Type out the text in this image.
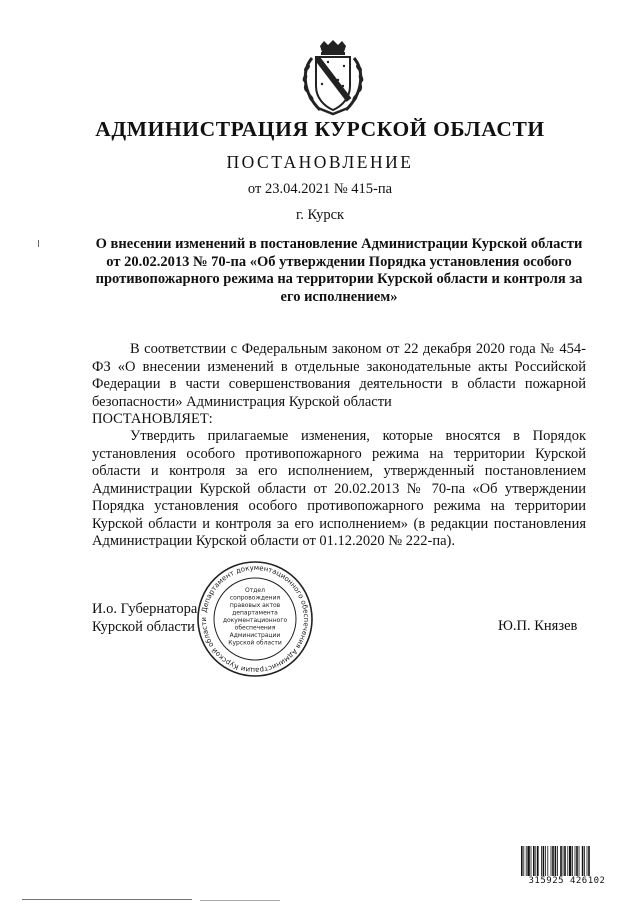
АДМИНИСТРАЦИЯ КУРСКОЙ ОБЛАСТИ
ПОСТАНОВЛЕНИЕ
от 23.04.2021 № 415-па
г. Курск
О внесении изменений в постановление Администрации Курской области от 20.02.2013 № 70-па «Об утверждении Порядка установления особого противопожарного режима на территории Курской области и контроля за его исполнением»
В соответствии с Федеральным законом от 22 декабря 2020 года № 454-ФЗ «О внесении изменений в отдельные законодательные акты Российской Федерации в части совершенствования деятельности в области пожарной безопасности» Администрация Курской области
ПОСТАНОВЛЯЕТ:
Утвердить прилагаемые изменения, которые вносятся в Порядок установления особого противопожарного режима на территории Курской области и контроля за его исполнением, утвержденный постановлением Администрации Курской области от 20.02.2013 № 70-па «Об утверждении Порядка установления особого противопожарного режима на территории Курской области и контроля за его исполнением» (в редакции постановления Администрации Курской области от 01.12.2020 № 222-па).
И.о. Губернатора
Курской области	Ю.П. Князев
Департамент документационного обеспечения Администрации Курской области
Отдел
сопровождения
правовых актов
департамента
документационного
обеспечения
Администрации
Курской области
315925 426102
